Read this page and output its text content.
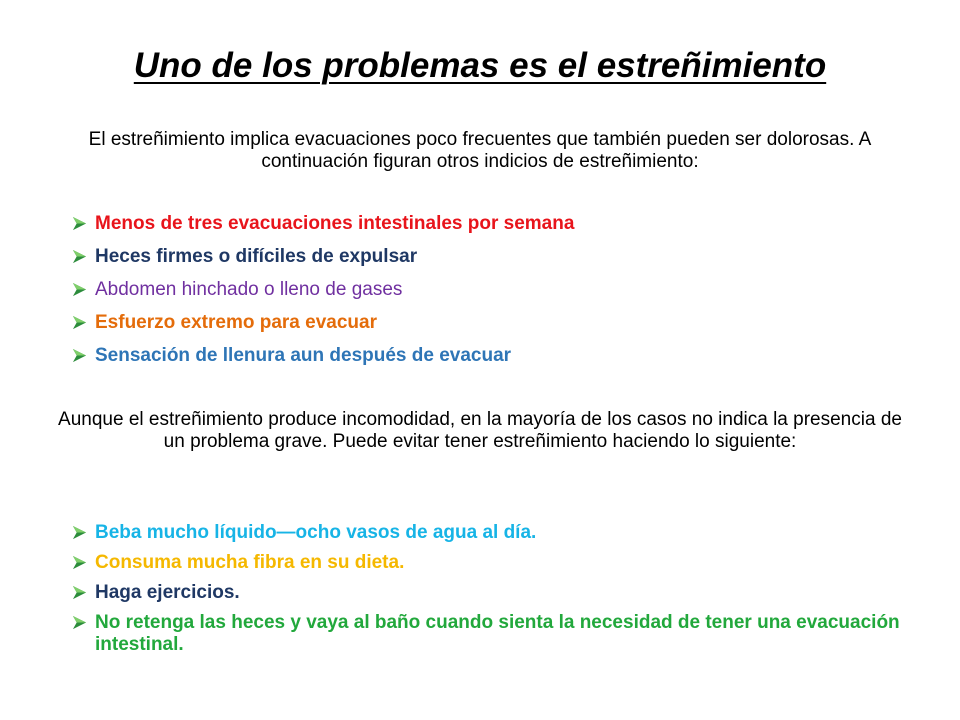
Uno de los problemas es el estreñimiento

El estreñimiento implica evacuaciones poco frecuentes que también pueden ser dolorosas. A continuación figuran otros indicios de estreñimiento:

Menos de tres evacuaciones intestinales por semana
Heces firmes o difíciles de expulsar
Abdomen hinchado o lleno de gases
Esfuerzo extremo para evacuar
Sensación de llenura aun después de evacuar

Aunque el estreñimiento produce incomodidad, en la mayoría de los casos no indica la presencia de un problema grave. Puede evitar tener estreñimiento haciendo lo siguiente:

Beba mucho líquido—ocho vasos de agua al día.
Consuma mucha fibra en su dieta.
Haga ejercicios.
No retenga las heces y vaya al baño cuando sienta la necesidad de tener una evacuación intestinal.
